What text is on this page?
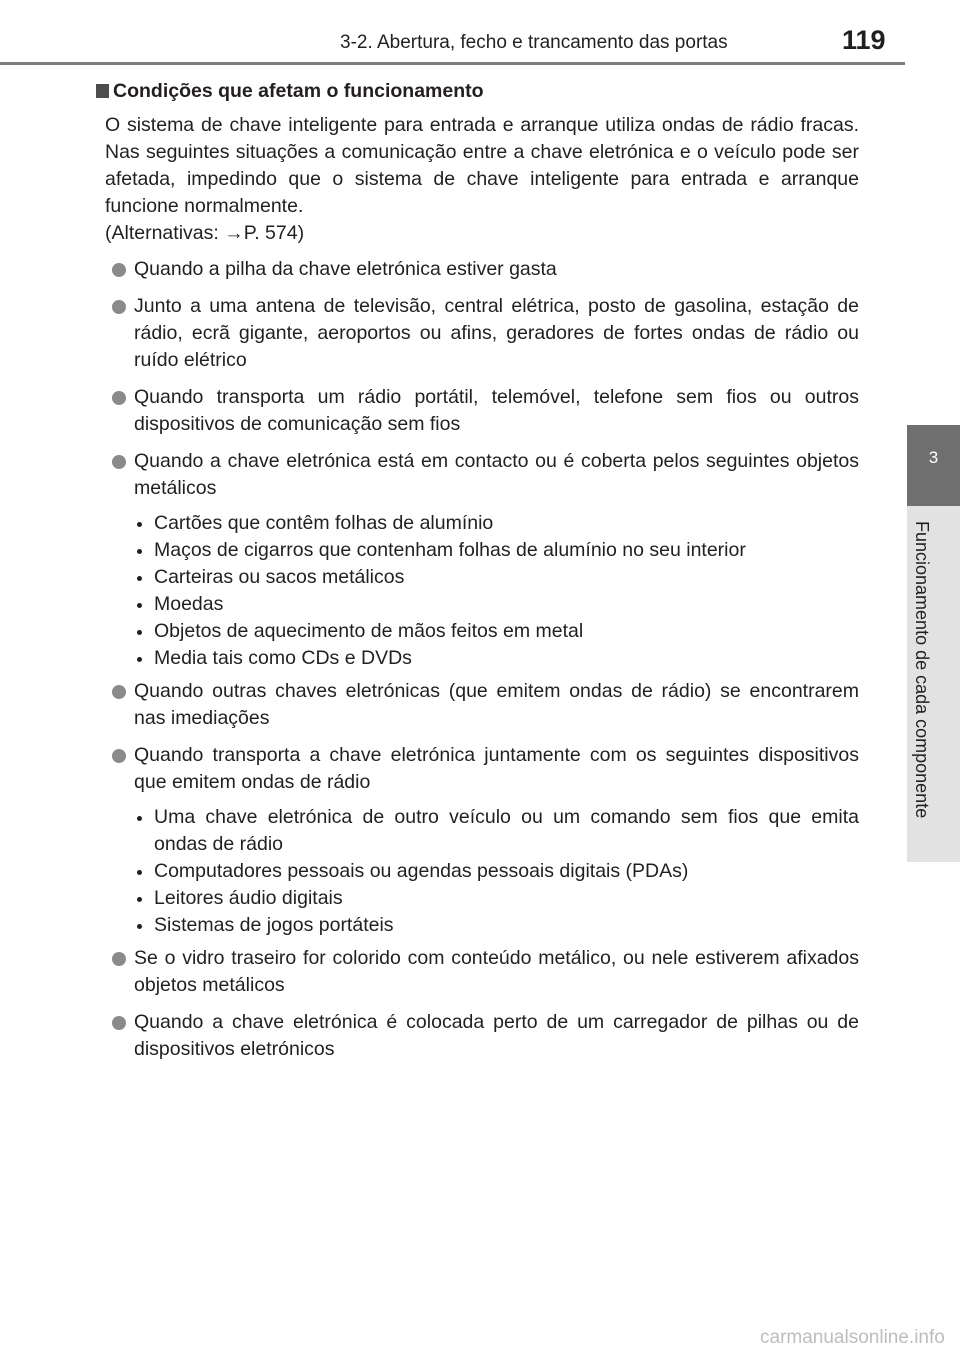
3-2. Abertura, fecho e trancamento das portas	119
3
Funcionamento de cada componente
Condições que afetam o funcionamento
O sistema de chave inteligente para entrada e arranque utiliza ondas de rádio fracas. Nas seguintes situações a comunicação entre a chave eletrónica e o veículo pode ser afetada, impedindo que o sistema de chave inteligente para entrada e arranque funcione normalmente.
(Alternativas: →P. 574)
Quando a pilha da chave eletrónica estiver gasta
Junto a uma antena de televisão, central elétrica, posto de gasolina, estação de rádio, ecrã gigante, aeroportos ou afins, geradores de fortes ondas de rádio ou ruído elétrico
Quando transporta um rádio portátil, telemóvel, telefone sem fios ou outros dispositivos de comunicação sem fios
Quando a chave eletrónica está em contacto ou é coberta pelos seguintes objetos metálicos
Cartões que contêm folhas de alumínio
Maços de cigarros que contenham folhas de alumínio no seu interior
Carteiras ou sacos metálicos
Moedas
Objetos de aquecimento de mãos feitos em metal
Media tais como CDs e DVDs
Quando outras chaves eletrónicas (que emitem ondas de rádio) se encontrarem nas imediações
Quando transporta a chave eletrónica juntamente com os seguintes dispositivos que emitem ondas de rádio
Uma chave eletrónica de outro veículo ou um comando sem fios que emita ondas de rádio
Computadores pessoais ou agendas pessoais digitais (PDAs)
Leitores áudio digitais
Sistemas de jogos portáteis
Se o vidro traseiro for colorido com conteúdo metálico, ou nele estiverem afixados objetos metálicos
Quando a chave eletrónica é colocada perto de um carregador de pilhas ou de dispositivos eletrónicos
carmanualsonline.info
